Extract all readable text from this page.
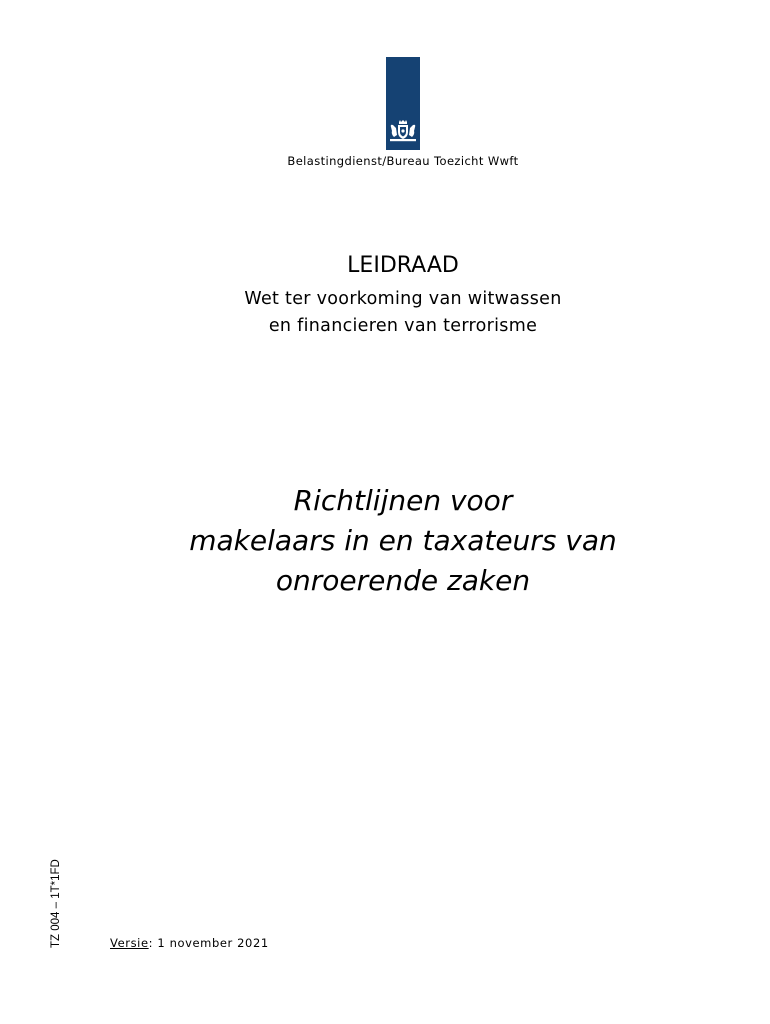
Belastingdienst/Bureau Toezicht Wwft
LEIDRAAD
Wet ter voorkoming van witwassen
en financieren van terrorisme
Richtlijnen voor
makelaars in en taxateurs van
onroerende zaken
TZ 004 – 1T*1FD	Versie: 1 november 2021
